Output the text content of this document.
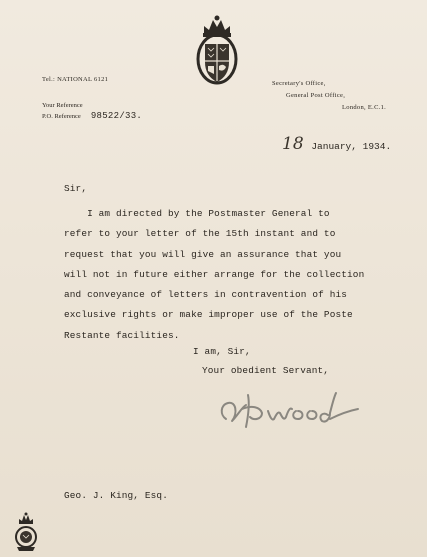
Tel.: NATIONAL 6121
Your Reference
P.O. Reference 98522/33.
Secretary's Office,
General Post Office,
London, E.C.1.
18 January, 1934.
Sir,
I am directed by the Postmaster General to
refer to your letter of the 15th instant and to
request that you will give an assurance that you
will not in future either arrange for the collection
and conveyance of letters in contravention of his
exclusive rights or make improper use of the Poste
Restante facilities.
I am, Sir,
Your obedient Servant,
Geo. J. King, Esq.
